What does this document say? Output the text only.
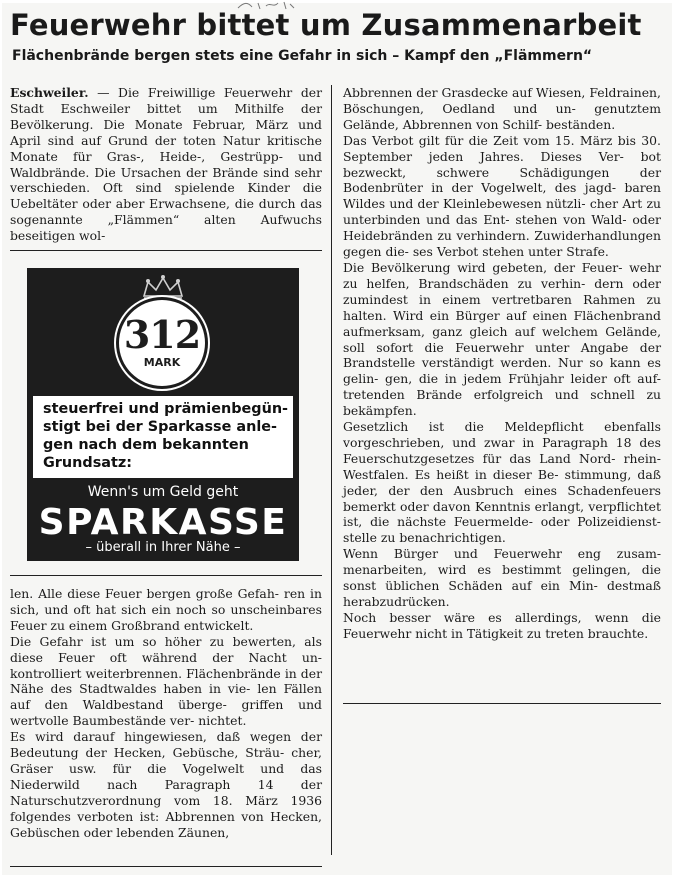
Feuerwehr bittet um Zusammenarbeit
Flächenbrände bergen stets eine Gefahr in sich – Kampf den „Flämmern“

Eschweiler. — Die Freiwillige Feuerwehr der Stadt Eschweiler bittet um Mithilfe der Bevölkerung. Die Monate Februar, März und April sind auf Grund der toten Natur kritische Monate für Gras-, Heide-, Gestrüpp- und Waldbrände. Die Ursachen der Brände sind sehr verschieden. Oft sind spielende Kinder die Uebeltäter oder aber Erwachsene, die durch das sogenannte „Flämmen“ alten Aufwuchs beseitigen wol-

312
MARK
steuerfrei und prämienbegün-
stigt bei der Sparkasse anle-
gen nach dem bekannten
Grundsatz:
Wenn's um Geld geht
SPARKASSE
– überall in Ihrer Nähe –

len. Alle diese Feuer bergen große Gefah- ren in sich, und oft hat sich ein noch so unscheinbares Feuer zu einem Großbrand entwickelt.

Die Gefahr ist um so höher zu bewerten, als diese Feuer oft während der Nacht un- kontrolliert weiterbrennen. Flächenbrände in der Nähe des Stadtwaldes haben in vie- len Fällen auf den Waldbestand überge- griffen und wertvolle Baumbestände ver- nichtet.

Es wird darauf hingewiesen, daß wegen der Bedeutung der Hecken, Gebüsche, Sträu- cher, Gräser usw. für die Vogelwelt und das Niederwild nach Paragraph 14 der Naturschutzverordnung vom 18. März 1936 folgendes verboten ist: Abbrennen von Hecken, Gebüschen oder lebenden Zäunen,

Abbrennen der Grasdecke auf Wiesen, Feldrainen, Böschungen, Oedland und un- genutztem Gelände, Abbrennen von Schilf- beständen.

Das Verbot gilt für die Zeit vom 15. März bis 30. September jeden Jahres. Dieses Ver- bot bezweckt, schwere Schädigungen der Bodenbrüter in der Vogelwelt, des jagd- baren Wildes und der Kleinlebewesen nützli- cher Art zu unterbinden und das Ent- stehen von Wald- oder Heidebränden zu verhindern. Zuwiderhandlungen gegen die- ses Verbot stehen unter Strafe.

Die Bevölkerung wird gebeten, der Feuer- wehr zu helfen, Brandschäden zu verhin- dern oder zumindest in einem vertretbaren Rahmen zu halten. Wird ein Bürger auf einen Flächenbrand aufmerksam, ganz gleich auf welchem Gelände, soll sofort die Feuerwehr unter Angabe der Brandstelle verständigt werden. Nur so kann es gelin- gen, die in jedem Frühjahr leider oft auf- tretenden Brände erfolgreich und schnell zu bekämpfen.

Gesetzlich ist die Meldepflicht ebenfalls vorgeschrieben, und zwar in Paragraph 18 des Feuerschutzgesetzes für das Land Nord- rhein-Westfalen. Es heißt in dieser Be- stimmung, daß jeder, der den Ausbruch eines Schadenfeuers bemerkt oder davon Kenntnis erlangt, verpflichtet ist, die nächste Feuermelde- oder Polizeidienst- stelle zu benachrichtigen.

Wenn Bürger und Feuerwehr eng zusam- menarbeiten, wird es bestimmt gelingen, die sonst üblichen Schäden auf ein Min- destmaß herabzudrücken.

Noch besser wäre es allerdings, wenn die Feuerwehr nicht in Tätigkeit zu treten brauchte.
